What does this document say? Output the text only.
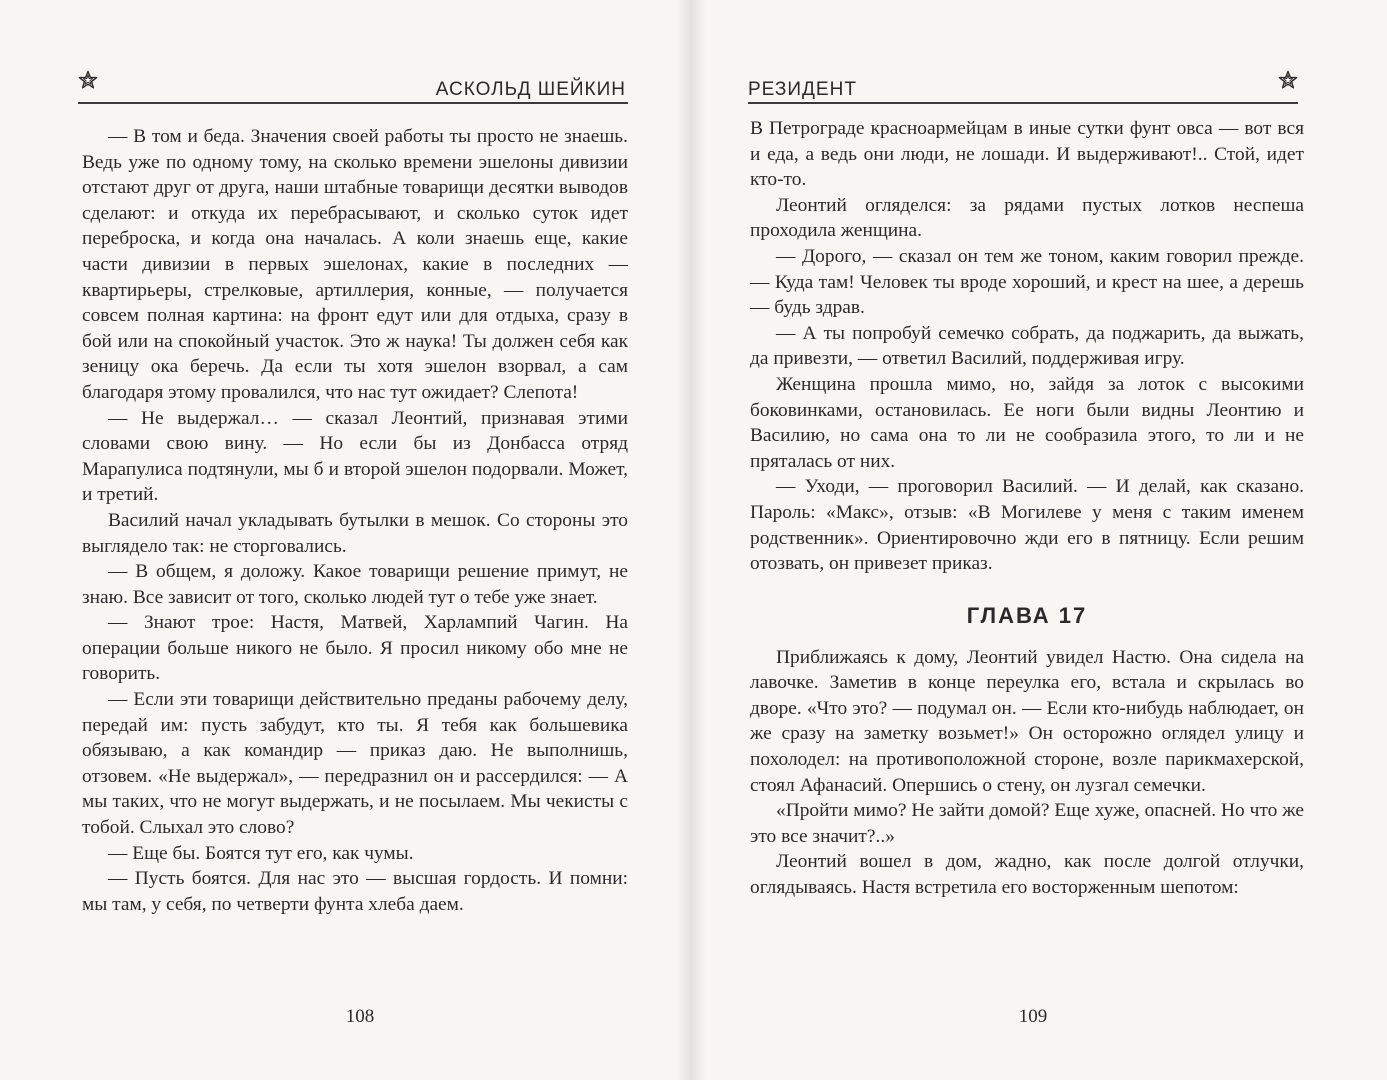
АСКОЛЬД ШЕЙКИН

— В том и беда. Значения своей работы ты просто не знаешь. Ведь уже по одному тому, на сколько времени эшелоны дивизии отстают друг от друга, наши штабные товарищи десятки выводов сделают: и откуда их перебрасывают, и сколько суток идет переброска, и когда она началась. А коли знаешь еще, какие части дивизии в первых эшелонах, какие в последних — квартирьеры, стрелковые, артиллерия, конные, — получается совсем полная картина: на фронт едут или для отдыха, сразу в бой или на спокойный участок. Это ж наука! Ты должен себя как зеницу ока беречь. Да если ты хотя эшелон взорвал, а сам благодаря этому провалился, что нас тут ожидает? Слепота!

— Не выдержал… — сказал Леонтий, признавая этими словами свою вину. — Но если бы из Донбасса отряд Марапулиса подтянули, мы б и второй эшелон подорвали. Может, и третий.

Василий начал укладывать бутылки в мешок. Со стороны это выглядело так: не сторговались.

— В общем, я доложу. Какое товарищи решение примут, не знаю. Все зависит от того, сколько людей тут о тебе уже знает.

— Знают трое: Настя, Матвей, Харлампий Чагин. На операции больше никого не было. Я просил никому обо мне не говорить.

— Если эти товарищи действительно преданы рабочему делу, передай им: пусть забудут, кто ты. Я тебя как большевика обязываю, а как командир — приказ даю. Не выполнишь, отзовем. «Не выдержал», — передразнил он и рассердился: — А мы таких, что не могут выдержать, и не посылаем. Мы чекисты с тобой. Слыхал это слово?

— Еще бы. Боятся тут его, как чумы.

— Пусть боятся. Для нас это — высшая гордость. И помни: мы там, у себя, по четверти фунта хлеба даем.

108
РЕЗИДЕНТ

В Петрограде красноармейцам в иные сутки фунт овса — вот вся и еда, а ведь они люди, не лошади. И выдерживают!.. Стой, идет кто-то.

Леонтий огляделся: за рядами пустых лотков неспеша проходила женщина.

— Дорого, — сказал он тем же тоном, каким говорил прежде. — Куда там! Человек ты вроде хороший, и крест на шее, а дерешь — будь здрав.

— А ты попробуй семечко собрать, да поджарить, да выжать, да привезти, — ответил Василий, поддерживая игру.

Женщина прошла мимо, но, зайдя за лоток с высокими боковинками, остановилась. Ее ноги были видны Леонтию и Василию, но сама она то ли не сообразила этого, то ли и не пряталась от них.

— Уходи, — проговорил Василий. — И делай, как сказано. Пароль: «Макс», отзыв: «В Могилеве у меня с таким именем родственник». Ориентировочно жди его в пятницу. Если решим отозвать, он привезет приказ.

ГЛАВА 17

Приближаясь к дому, Леонтий увидел Настю. Она сидела на лавочке. Заметив в конце переулка его, встала и скрылась во дворе. «Что это? — подумал он. — Если кто-нибудь наблюдает, он же сразу на заметку возьмет!» Он осторожно оглядел улицу и похолодел: на противоположной стороне, возле парикмахерской, стоял Афанасий. Опершись о стену, он лузгал семечки.

«Пройти мимо? Не зайти домой? Еще хуже, опасней. Но что же это все значит?..»

Леонтий вошел в дом, жадно, как после долгой отлучки, оглядываясь. Настя встретила его восторженным шепотом:

109
